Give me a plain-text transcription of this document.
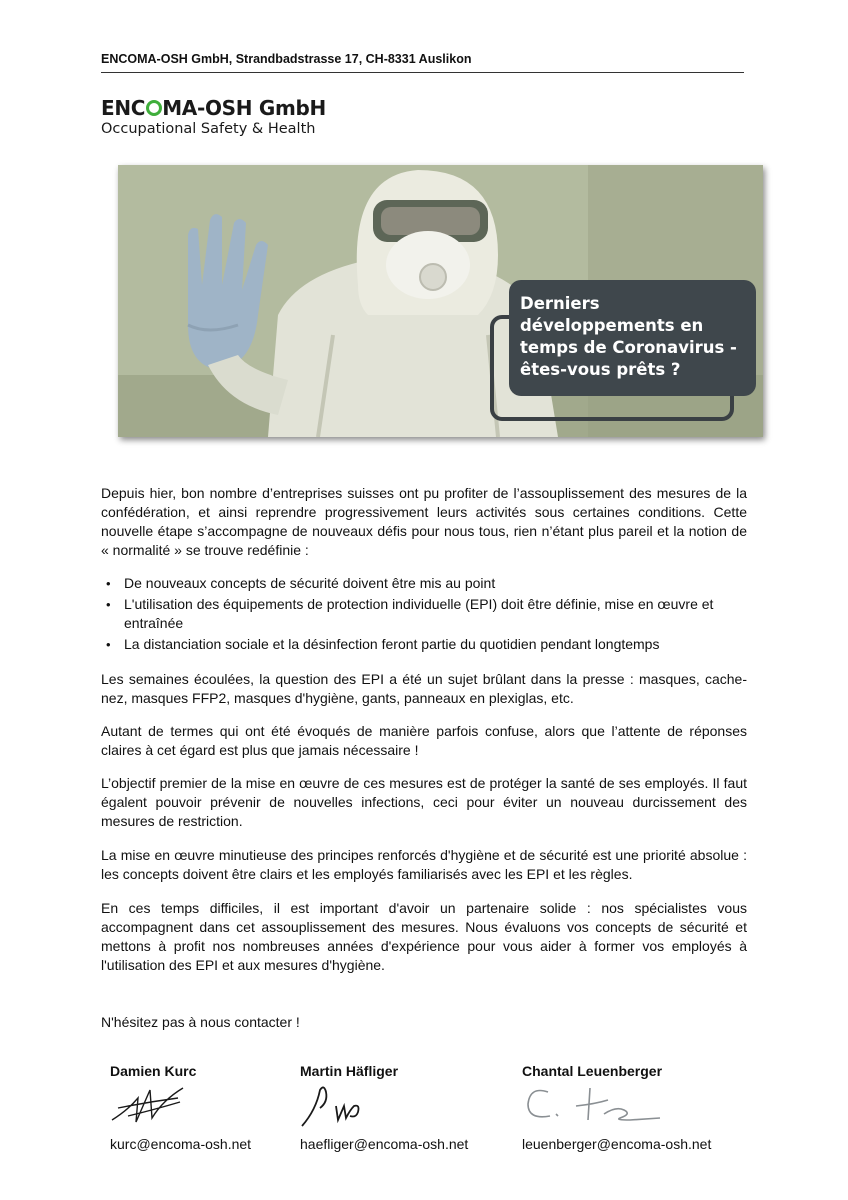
ENCOMA-OSH GmbH, Strandbadstrasse 17, CH-8331 Auslikon
ENC MA-OSH GmbH
Occupational Safety & Health
Derniers
développements en
temps de Coronavirus -
êtes-vous prêts ?
Depuis hier, bon nombre d’entreprises suisses ont pu profiter de l’assouplissement des mesures de la confédération, et ainsi reprendre progressivement leurs activités sous certaines conditions. Cette nouvelle étape s’accompagne de nouveaux défis pour nous tous, rien n’étant plus pareil et la notion de « normalité » se trouve redéfinie :
• De nouveaux concepts de sécurité doivent être mis au point
• L'utilisation des équipements de protection individuelle (EPI) doit être définie, mise en œuvre et entraînée
• La distanciation sociale et la désinfection feront partie du quotidien pendant longtemps
Les semaines écoulées, la question des EPI a été un sujet brûlant dans la presse : masques, cache-nez, masques FFP2, masques d'hygiène, gants, panneaux en plexiglas, etc.
Autant de termes qui ont été évoqués de manière parfois confuse, alors que l’attente de réponses claires à cet égard est plus que jamais nécessaire !
L’objectif premier de la mise en œuvre de ces mesures est de protéger la santé de ses employés. Il faut égalent pouvoir prévenir de nouvelles infections, ceci pour éviter un nouveau durcissement des mesures de restriction.
La mise en œuvre minutieuse des principes renforcés d'hygiène et de sécurité est une priorité absolue : les concepts doivent être clairs et les employés familiarisés avec les EPI et les règles.
En ces temps difficiles, il est important d'avoir un partenaire solide : nos spécialistes vous accompagnent dans cet assouplissement des mesures. Nous évaluons vos concepts de sécurité et mettons à profit nos nombreuses années d'expérience pour vous aider à former vos employés à l'utilisation des EPI et aux mesures d'hygiène.
N'hésitez pas à nous contacter !
Damien Kurc
kurc@encoma-osh.net
Martin Häfliger
haefliger@encoma-osh.net
Chantal Leuenberger
leuenberger@encoma-osh.net
